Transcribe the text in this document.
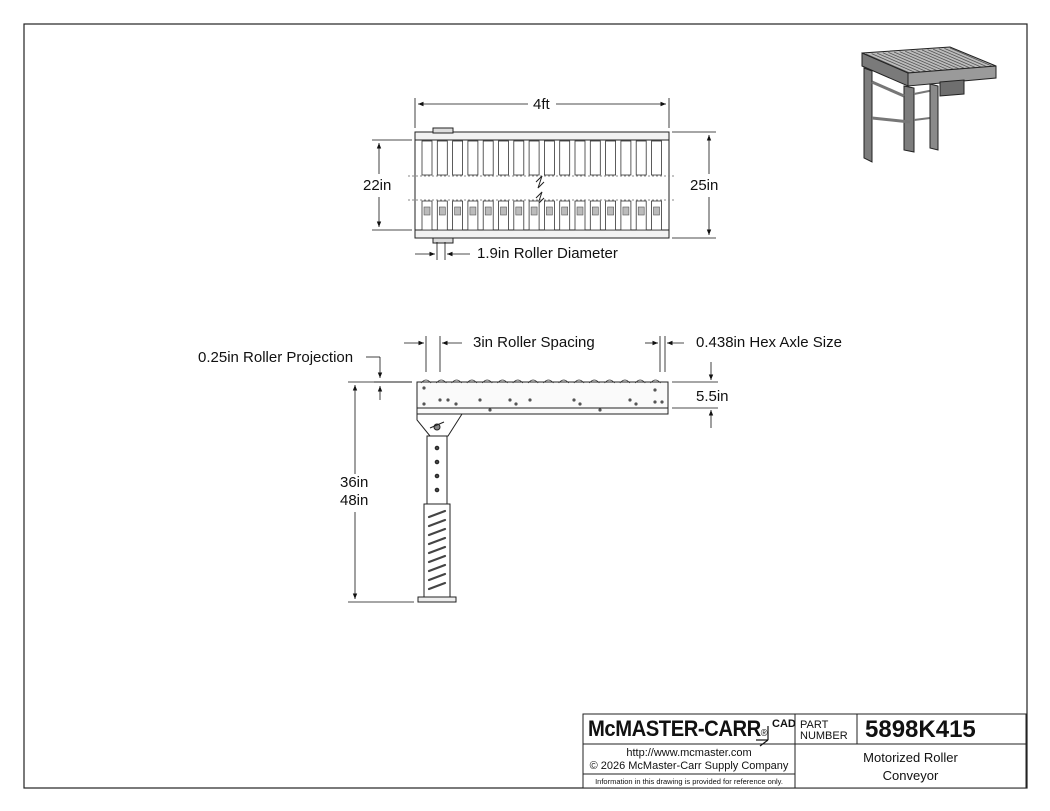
4ft
22in	25in
1.9in Roller Diameter
0.25in Roller Projection
3in Roller Spacing	0.438in Hex Axle Size
5.5in
36in
48in
McMASTER-CARR®
CAD PART
NUMBER 5898K415
http://www.mcmaster.com
© 2026 McMaster-Carr Supply Company
Information in this drawing is provided for reference only.
Motorized Roller
Conveyor
